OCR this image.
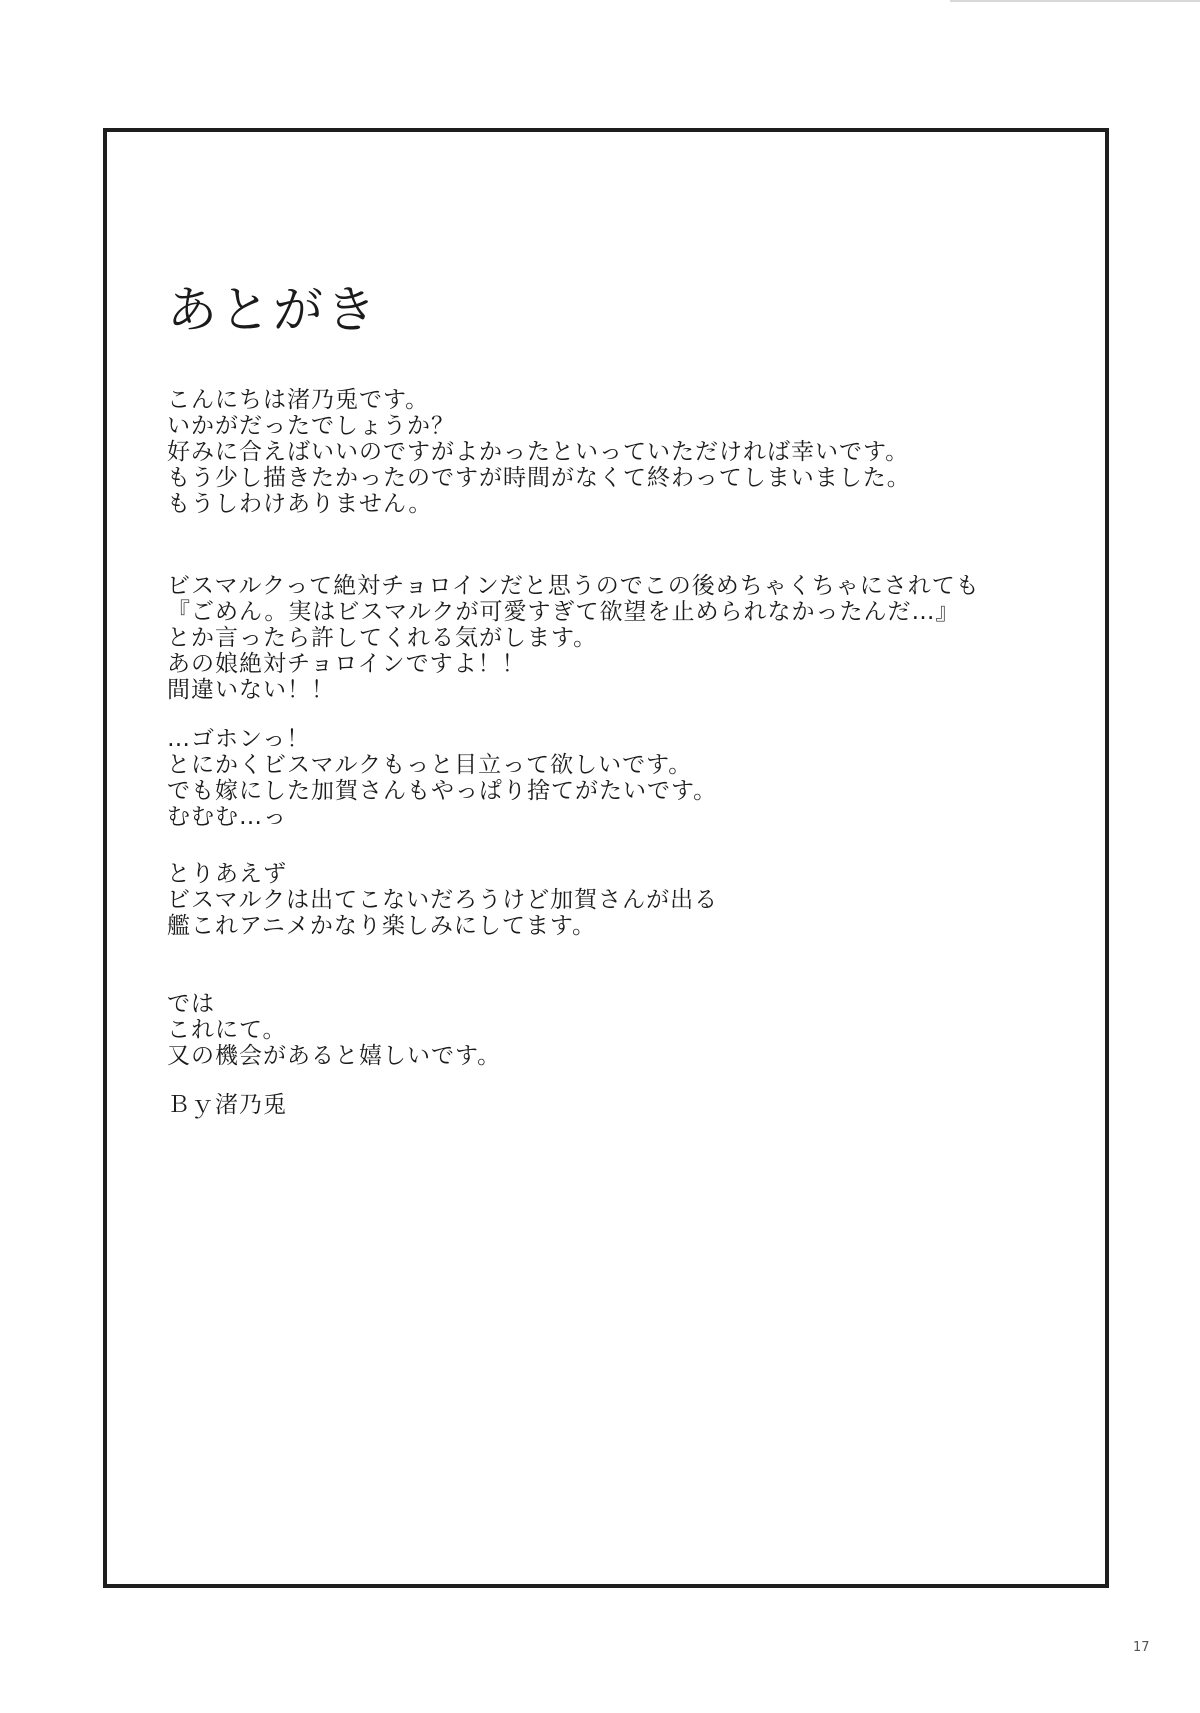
あとがき
こんにちは渚乃兎です。
いかがだったでしょうか？
好みに合えばいいのですがよかったといっていただければ幸いです。
もう少し描きたかったのですが時間がなくて終わってしまいました。
もうしわけありません。
ビスマルクって絶対チョロインだと思うのでこの後めちゃくちゃにされても
『ごめん。実はビスマルクが可愛すぎて欲望を止められなかったんだ…』
とか言ったら許してくれる気がします。
あの娘絶対チョロインですよ！！
間違いない！！
…ゴホンっ！
とにかくビスマルクもっと目立って欲しいです。
でも嫁にした加賀さんもやっぱり捨てがたいです。
むむむ…っ
とりあえず
ビスマルクは出てこないだろうけど加賀さんが出る
艦これアニメかなり楽しみにしてます。
では
これにて。
又の機会があると嬉しいです。
Ｂｙ渚乃兎
17
